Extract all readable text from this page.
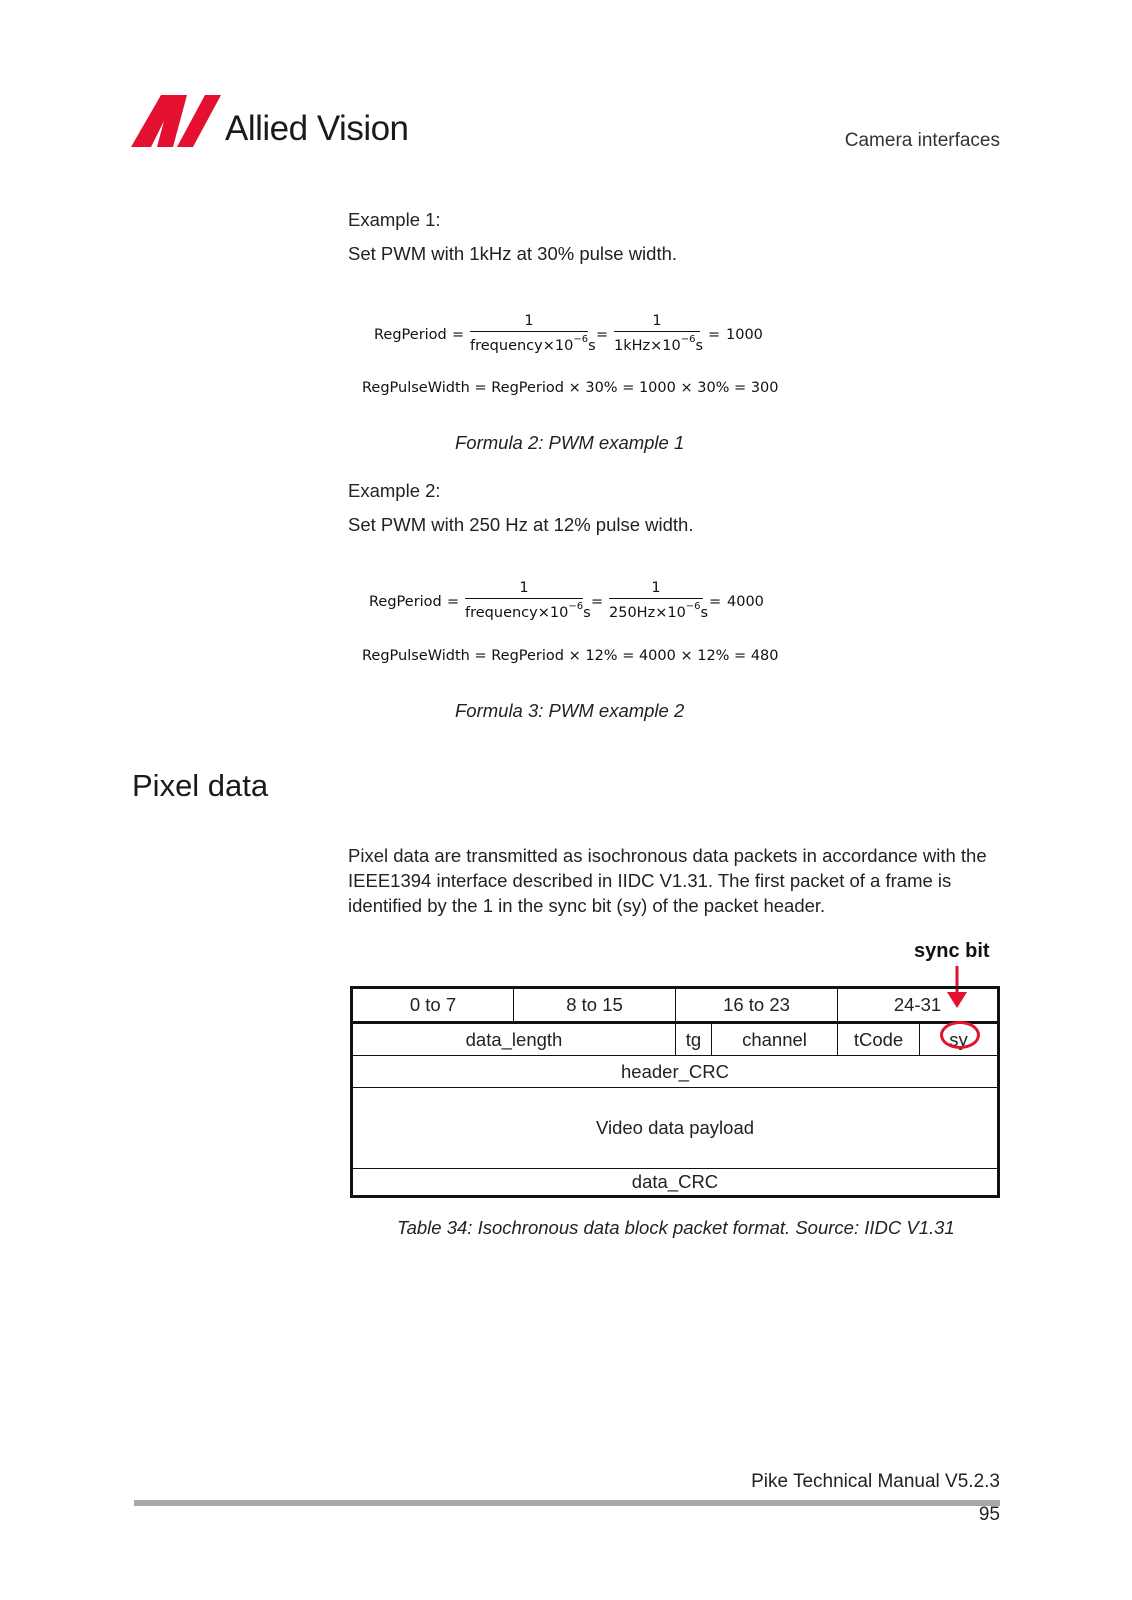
Allied Vision	Camera interfaces
Example 1:
Set PWM with 1kHz at 30% pulse width.
RegPeriod =
1
$frequency\times 10^{-6}s$
=
1
$1kHz\times 10^{-6}s$
= 1000
RegPulseWidth = RegPeriod × 30% = 1000 × 30% = 300
Formula 2: PWM example 1
Example 2:
Set PWM with 250 Hz at 12% pulse width.
RegPeriod =
1
$frequency\times 10^{-6}s$
=
1
$250Hz\times 10^{-6}s$
= 4000
RegPulseWidth = RegPeriod × 12% = 4000 × 12% = 480
Formula 3: PWM example 2
Pixel data
Pixel data are transmitted as isochronous data packets in accordance with the IEEE1394 interface described in IIDC V1.31. The first packet of a frame is identified by the 1 in the sync bit (sy) of the packet header.
sync bit
0 to 7	8 to 15	16 to 23	24-31
data_length	tg	channel	tCode	sy
header_CRC
Video data payload
data_CRC
Table 34: Isochronous data block packet format. Source: IIDC V1.31
Pike Technical Manual V5.2.3
95
